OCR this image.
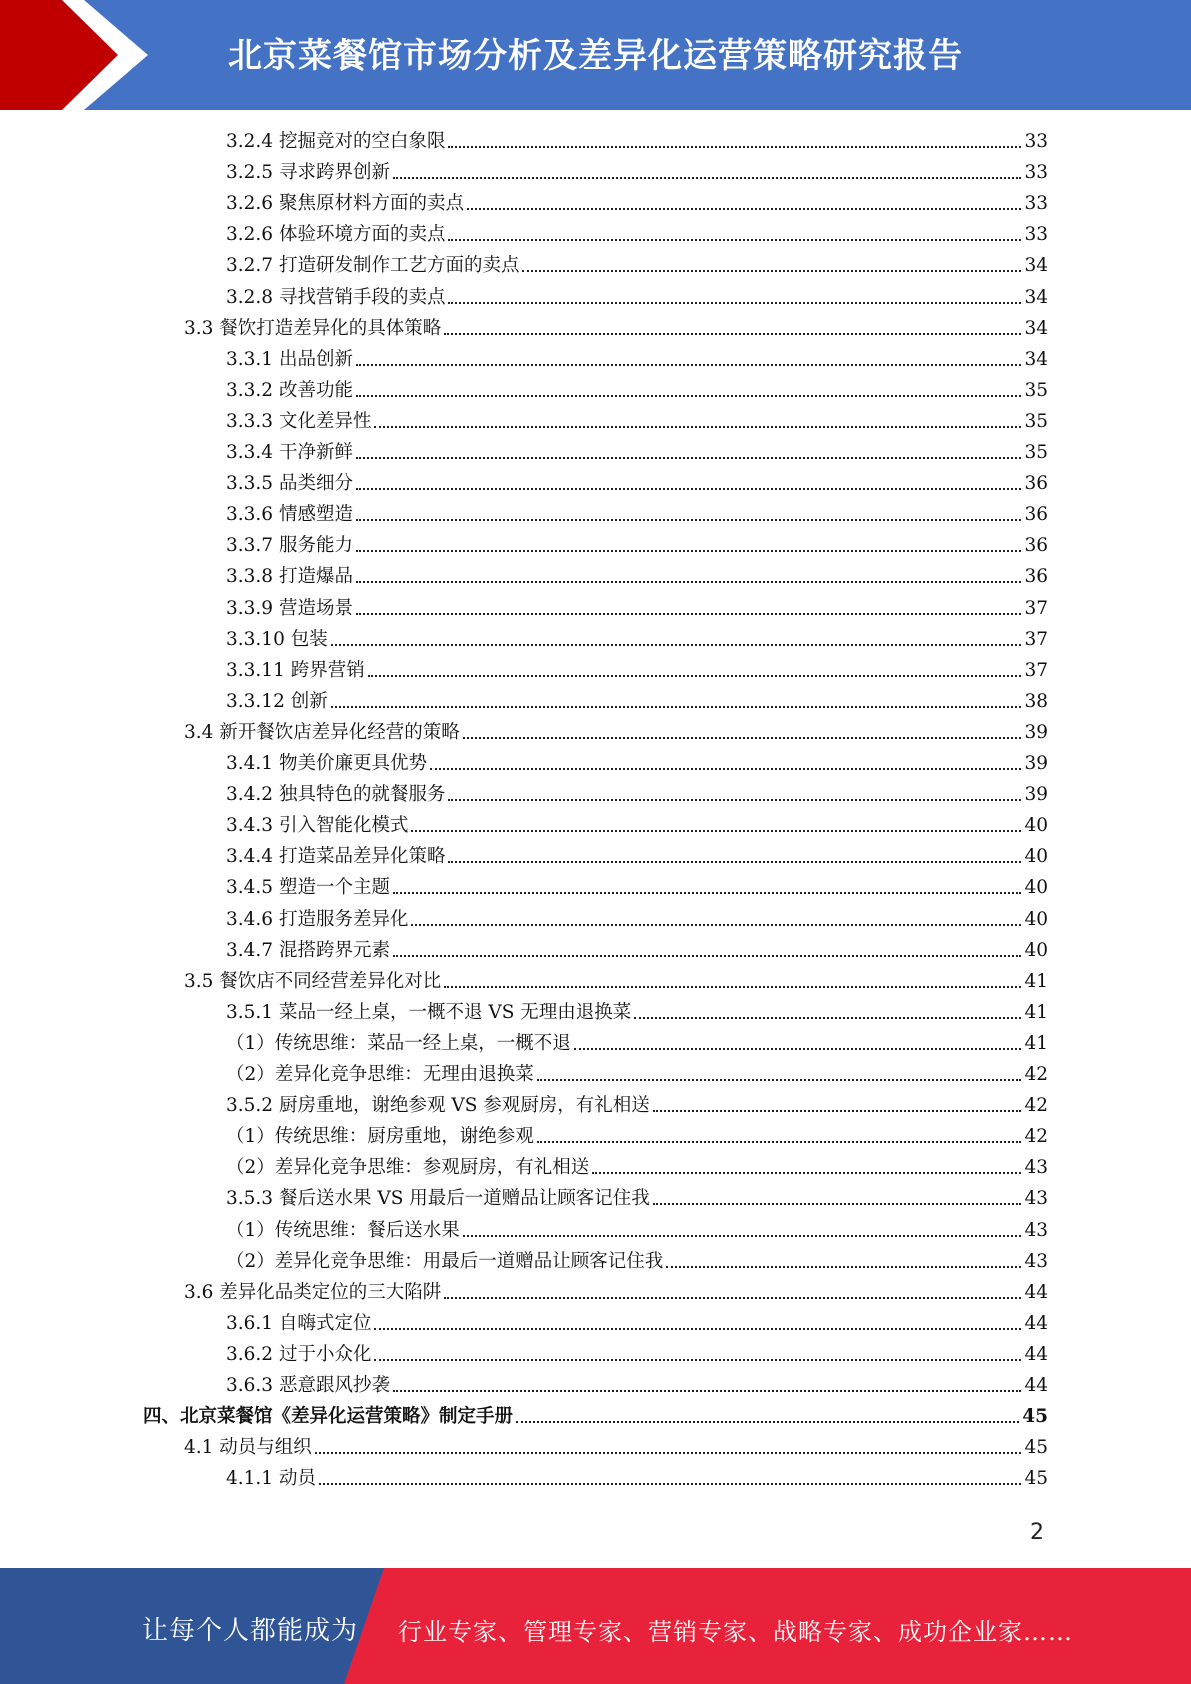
北京菜餐馆市场分析及差异化运营策略研究报告
3.2.4 挖掘竞对的空白象限	33
3.2.5 寻求跨界创新	33
3.2.6 聚焦原材料方面的卖点	33
3.2.6 体验环境方面的卖点	33
3.2.7 打造研发制作工艺方面的卖点	34
3.2.8 寻找营销手段的卖点	34
3.3 餐饮打造差异化的具体策略	34
3.3.1 出品创新	34
3.3.2 改善功能	35
3.3.3 文化差异性	35
3.3.4 干净新鲜	35
3.3.5 品类细分	36
3.3.6 情感塑造	36
3.3.7 服务能力	36
3.3.8 打造爆品	36
3.3.9 营造场景	37
3.3.10 包装	37
3.3.11 跨界营销	37
3.3.12 创新	38
3.4 新开餐饮店差异化经营的策略	39
3.4.1 物美价廉更具优势	39
3.4.2 独具特色的就餐服务	39
3.4.3 引入智能化模式	40
3.4.4 打造菜品差异化策略	40
3.4.5 塑造一个主题	40
3.4.6 打造服务差异化	40
3.4.7 混搭跨界元素	40
3.5 餐饮店不同经营差异化对比	41
3.5.1 菜品一经上桌，一概不退 VS 无理由退换菜	41
（1）传统思维：菜品一经上桌，一概不退	41
（2）差异化竞争思维：无理由退换菜	42
3.5.2 厨房重地，谢绝参观 VS 参观厨房，有礼相送	42
（1）传统思维：厨房重地，谢绝参观	42
（2）差异化竞争思维：参观厨房，有礼相送	43
3.5.3 餐后送水果 VS 用最后一道赠品让顾客记住我	43
（1）传统思维：餐后送水果	43
（2）差异化竞争思维：用最后一道赠品让顾客记住我	43
3.6 差异化品类定位的三大陷阱	44
3.6.1 自嗨式定位	44
3.6.2 过于小众化	44
3.6.3 恶意跟风抄袭	44
四、北京菜餐馆《差异化运营策略》制定手册	45
4.1 动员与组织	45
4.1.1 动员	45
2
让每个人都能成为 行业专家、管理专家、营销专家、战略专家、成功企业家……
